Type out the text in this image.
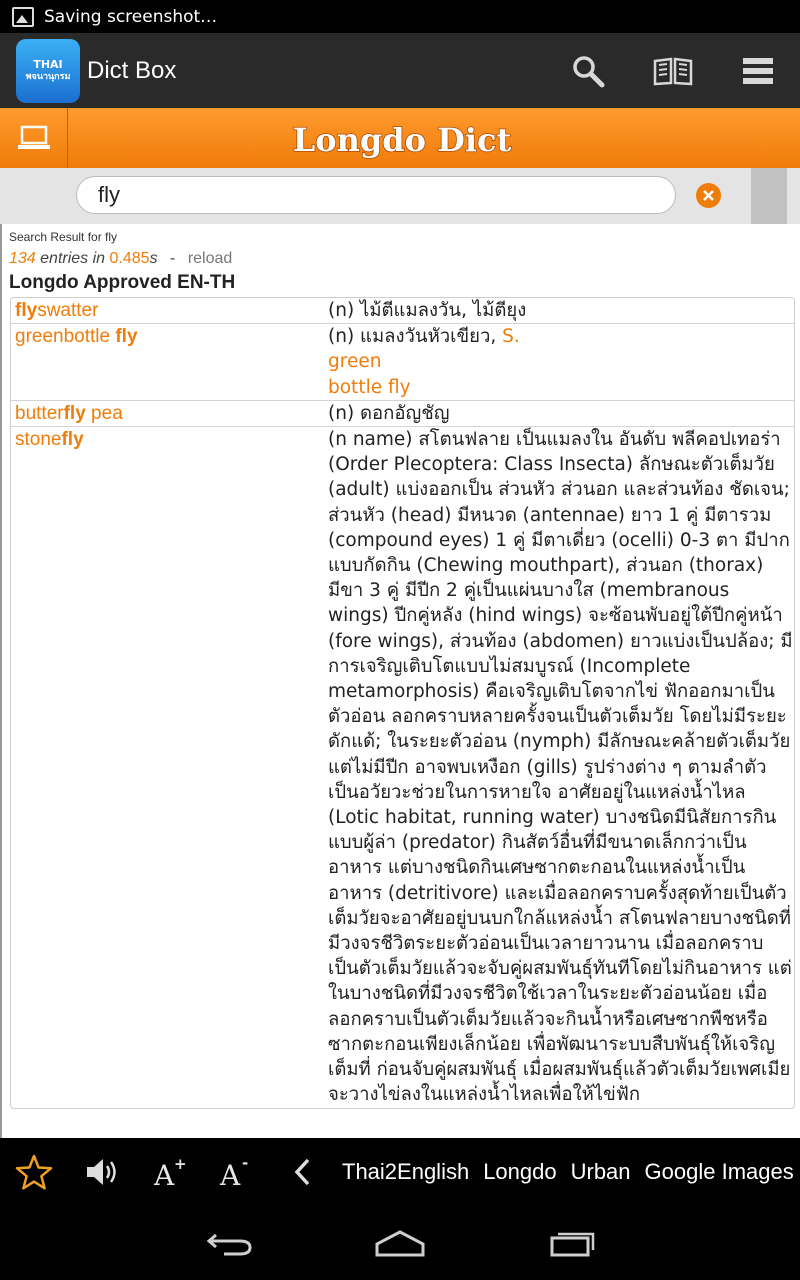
Saving screenshot…
THAI
พจนานุกรม Dict Box
Longdo Dict
fly
Search Result for fly
134 entries in 0.485s - reload
Longdo Approved EN-TH
flyswatter	(n) ไม้ตีแมลงวัน, ไม้ตียุง
greenbottle fly	(n) แมลงวันหัวเขียว, S.
green
bottle fly
butterfly pea	(n) ดอกอัญชัญ
stonefly	(n name) สโตนฟลาย เป็นแมลงใน อันดับ พลีคอปเทอร่า (Order Plecoptera: Class Insecta) ลักษณะตัวเต็มวัย (adult) แบ่งออกเป็น ส่วนหัว ส่วนอก และส่วนท้อง ชัดเจน; ส่วนหัว (head) มีหนวด (antennae) ยาว 1 คู่ มีตารวม (compound eyes) 1 คู่ มีตาเดี่ยว (ocelli) 0-3 ตา มีปากแบบกัดกิน (Chewing mouthpart), ส่วนอก (thorax) มีขา 3 คู่ มีปีก 2 คู่เป็นแผ่นบางใส (membranous wings) ปีกคู่หลัง (hind wings) จะซ้อนพับอยู่ใต้ปีกคู่หน้า (fore wings), ส่วนท้อง (abdomen) ยาวแบ่งเป็นปล้อง; มีการเจริญเติบโตแบบไม่สมบูรณ์ (Incomplete metamorphosis) คือเจริญเติบโตจากไข่ ฟักออกมาเป็นตัวอ่อน ลอกคราบหลายครั้งจนเป็นตัวเต็มวัย โดยไม่มีระยะดักแด้; ในระยะตัวอ่อน (nymph) มีลักษณะคล้ายตัวเต็มวัยแต่ไม่มีปีก อาจพบเหงือก (gills) รูปร่างต่าง ๆ ตามลำตัวเป็นอวัยวะช่วยในการหายใจ อาศัยอยู่ในแหล่งน้ำไหล (Lotic habitat, running water) บางชนิดมีนิสัยการกินแบบผู้ล่า (predator) กินสัตว์อื่นที่มีขนาดเล็กกว่าเป็นอาหาร แต่บางชนิดกินเศษซากตะกอนในแหล่งน้ำเป็นอาหาร (detritivore) และเมื่อลอกคราบครั้งสุดท้ายเป็นตัวเต็มวัยจะอาศัยอยู่บนบกใกล้แหล่งน้ำ สโตนฟลายบางชนิดที่มีวงจรชีวิตระยะตัวอ่อนเป็นเวลายาวนาน เมื่อลอกคราบเป็นตัวเต็มวัยแล้วจะจับคู่ผสมพันธุ์ทันทีโดยไม่กินอาหาร แต่ในบางชนิดที่มีวงจรชีวิตใช้เวลาในระยะตัวอ่อนน้อย เมื่อลอกคราบเป็นตัวเต็มวัยแล้วจะกินน้ำหรือเศษซากพืชหรือซากตะกอนเพียงเล็กน้อย เพื่อพัฒนาระบบสืบพันธุ์ให้เจริญเต็มที่ ก่อนจับคู่ผสมพันธุ์ เมื่อผสมพันธุ์แล้วตัวเต็มวัยเพศเมียจะวางไข่ลงในแหล่งน้ำไหลเพื่อให้ไข่ฟัก
A + A -	Thai2English Longdo Urban Google Images
